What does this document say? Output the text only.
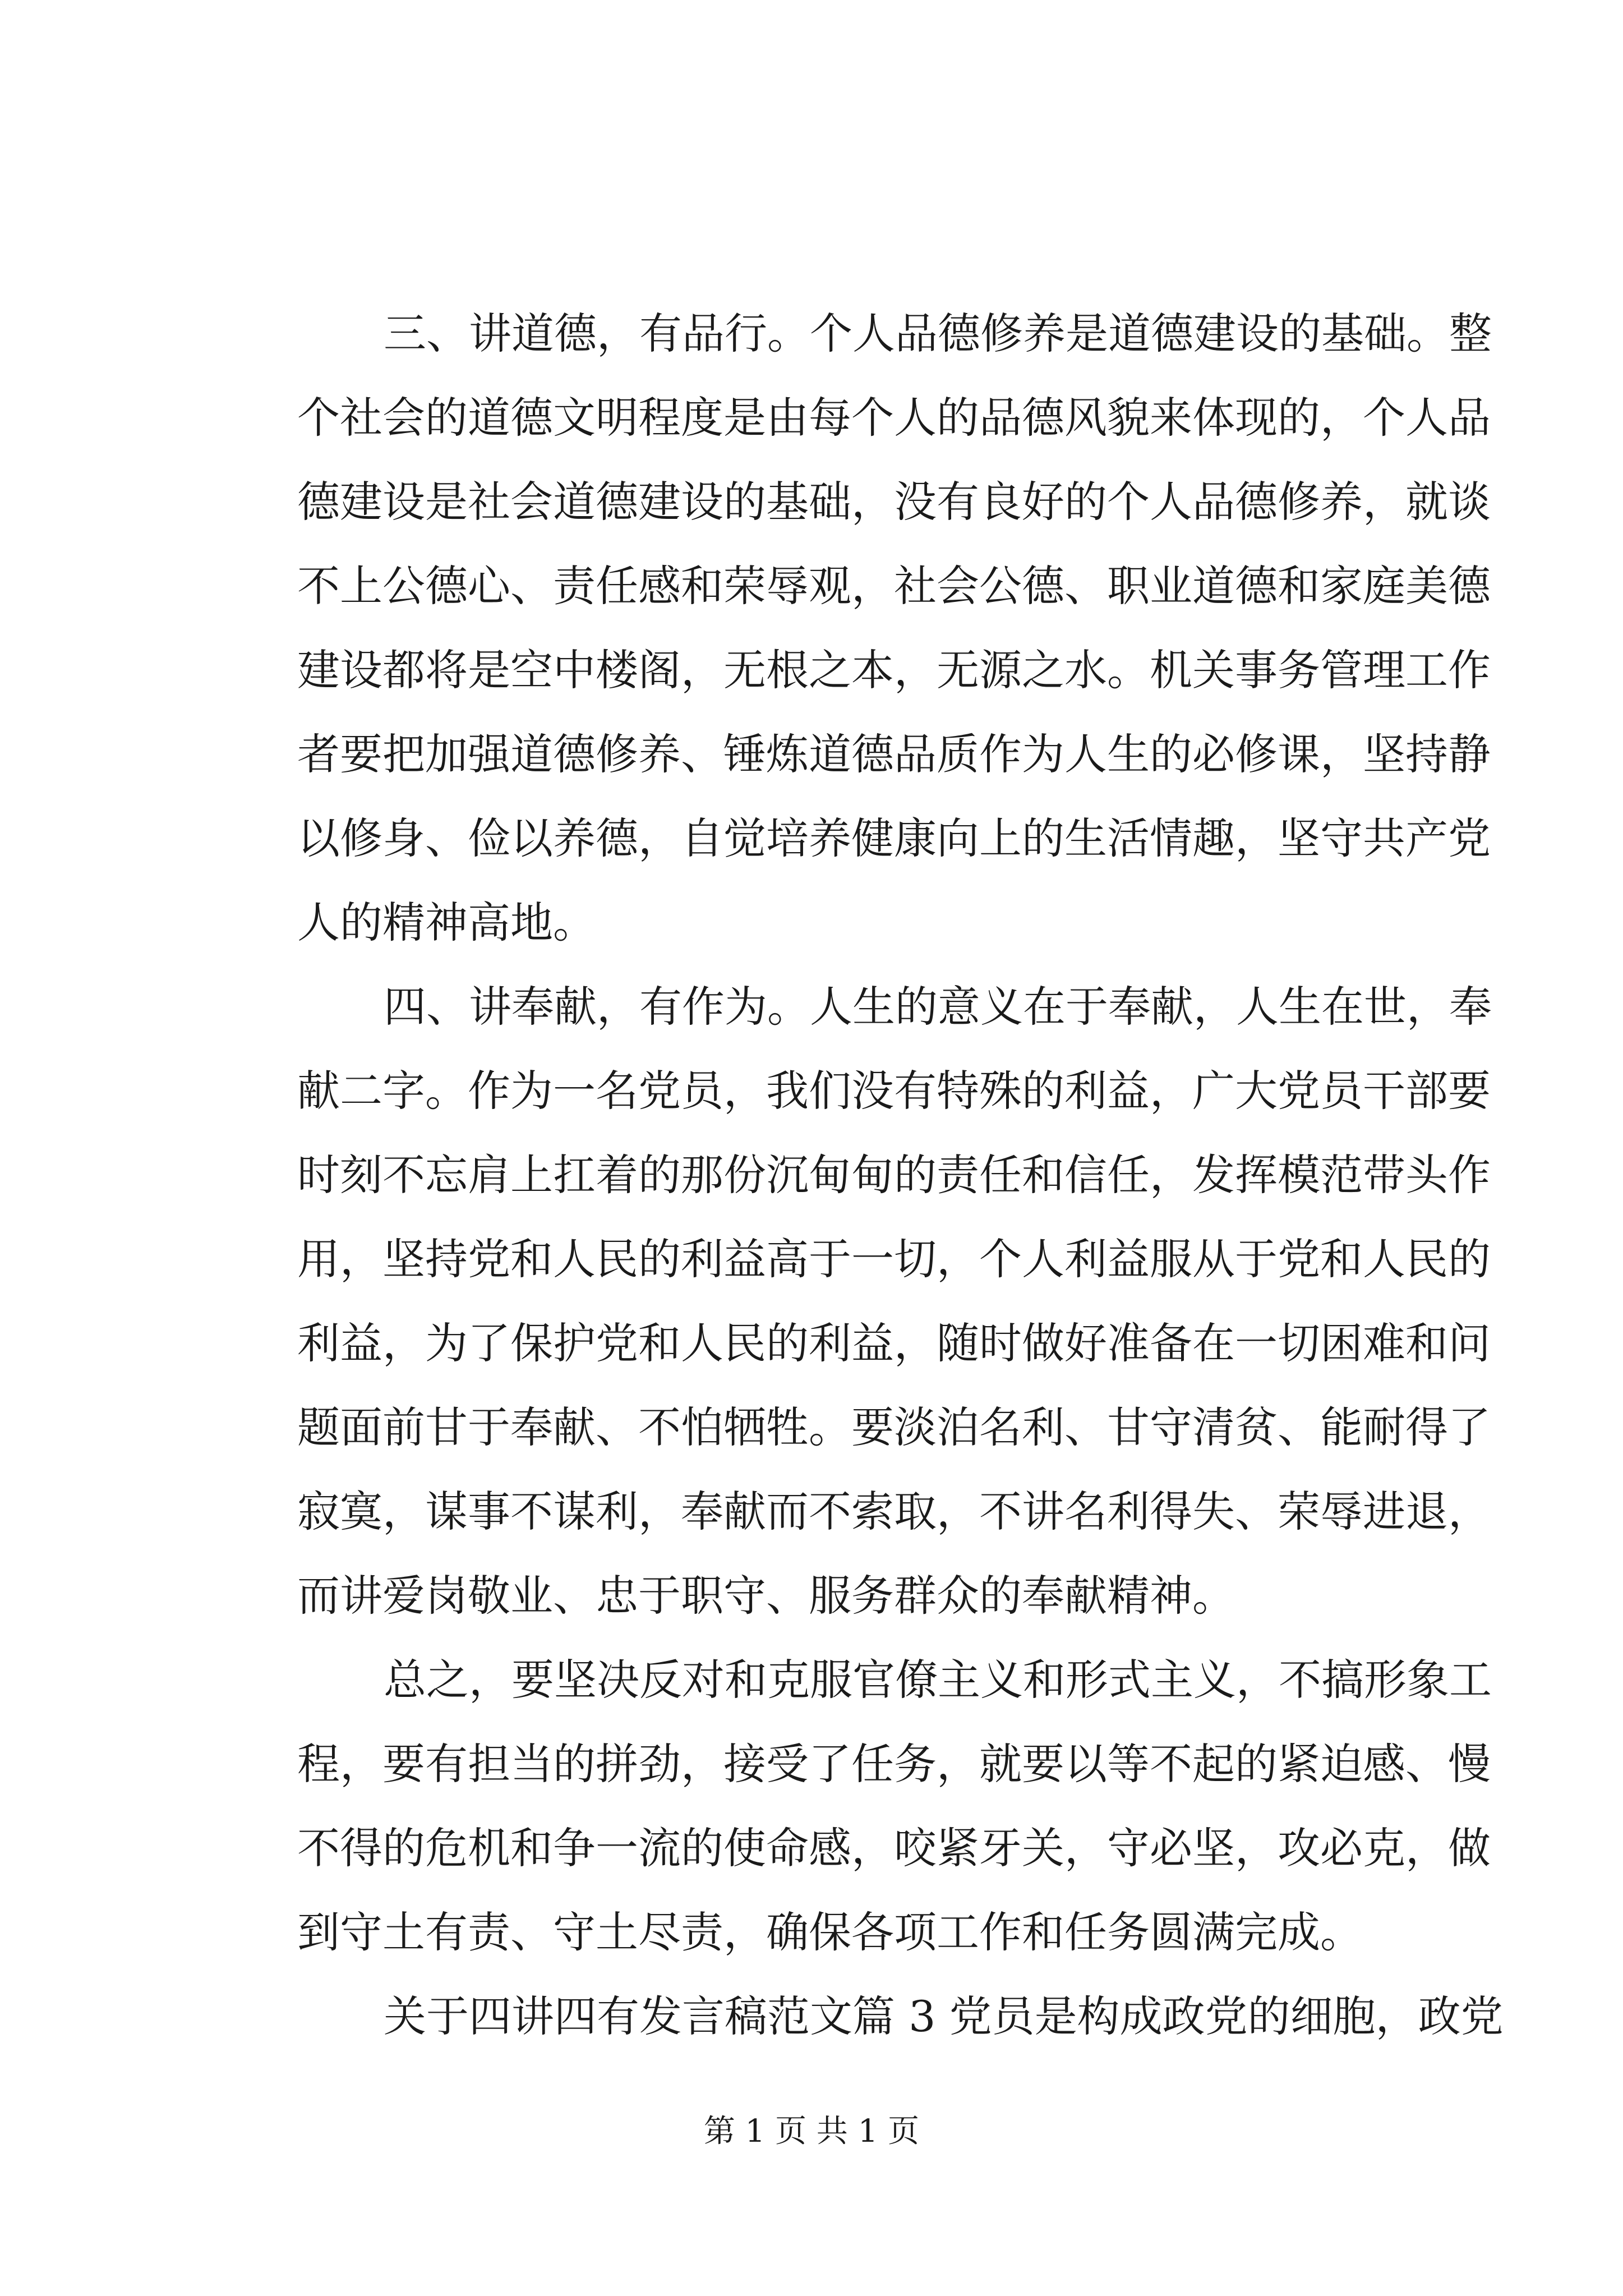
三、讲道德，有品行。个人品德修养是道德建设的基础。整
个社会的道德文明程度是由每个人的品德风貌来体现的，个人品
德建设是社会道德建设的基础，没有良好的个人品德修养，就谈
不上公德心、责任感和荣辱观，社会公德、职业道德和家庭美德
建设都将是空中楼阁，无根之本，无源之水。机关事务管理工作
者要把加强道德修养、锤炼道德品质作为人生的必修课，坚持静
以修身、俭以养德，自觉培养健康向上的生活情趣，坚守共产党
人的精神高地。
四、讲奉献，有作为。人生的意义在于奉献，人生在世，奉
献二字。作为一名党员，我们没有特殊的利益，广大党员干部要
时刻不忘肩上扛着的那份沉甸甸的责任和信任，发挥模范带头作
用，坚持党和人民的利益高于一切，个人利益服从于党和人民的
利益，为了保护党和人民的利益，随时做好准备在一切困难和问
题面前甘于奉献、不怕牺牲。要淡泊名利、甘守清贫、能耐得了
寂寞，谋事不谋利，奉献而不索取，不讲名利得失、荣辱进退，
而讲爱岗敬业、忠于职守、服务群众的奉献精神。
总之，要坚决反对和克服官僚主义和形式主义，不搞形象工
程，要有担当的拼劲，接受了任务，就要以等不起的紧迫感、慢
不得的危机和争一流的使命感，咬紧牙关，守必坚，攻必克，做
到守土有责、守土尽责，确保各项工作和任务圆满完成。
关于四讲四有发言稿范文篇 3 党员是构成政党的细胞，政党
第 1 页 共 1 页
